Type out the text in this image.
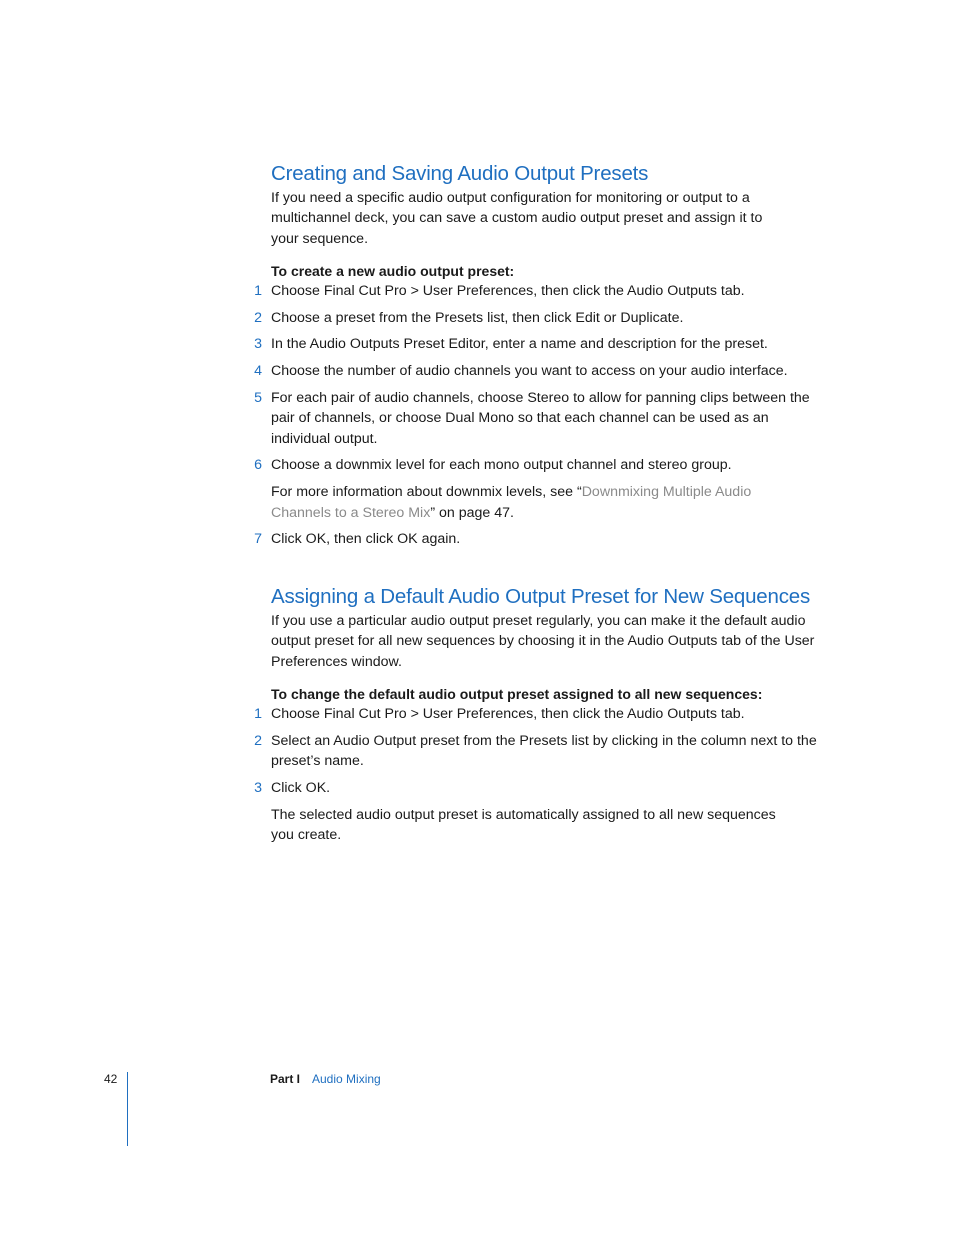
Creating and Saving Audio Output Presets

If you need a specific audio output configuration for monitoring or output to a multichannel deck, you can save a custom audio output preset and assign it to your sequence.

To create a new audio output preset:

1 Choose Final Cut Pro > User Preferences, then click the Audio Outputs tab.
2 Choose a preset from the Presets list, then click Edit or Duplicate.
3 In the Audio Outputs Preset Editor, enter a name and description for the preset.
4 Choose the number of audio channels you want to access on your audio interface.
5 For each pair of audio channels, choose Stereo to allow for panning clips between the pair of channels, or choose Dual Mono so that each channel can be used as an individual output.
6 Choose a downmix level for each mono output channel and stereo group.

For more information about downmix levels, see “Downmixing Multiple Audio Channels to a Stereo Mix” on page 47.

7 Click OK, then click OK again.
Assigning a Default Audio Output Preset for New Sequences

If you use a particular audio output preset regularly, you can make it the default audio output preset for all new sequences by choosing it in the Audio Outputs tab of the User Preferences window.

To change the default audio output preset assigned to all new sequences:

1 Choose Final Cut Pro > User Preferences, then click the Audio Outputs tab.
2 Select an Audio Output preset from the Presets list by clicking in the column next to the preset’s name.
3 Click OK.

The selected audio output preset is automatically assigned to all new sequences you create.

42	Part I Audio Mixing
